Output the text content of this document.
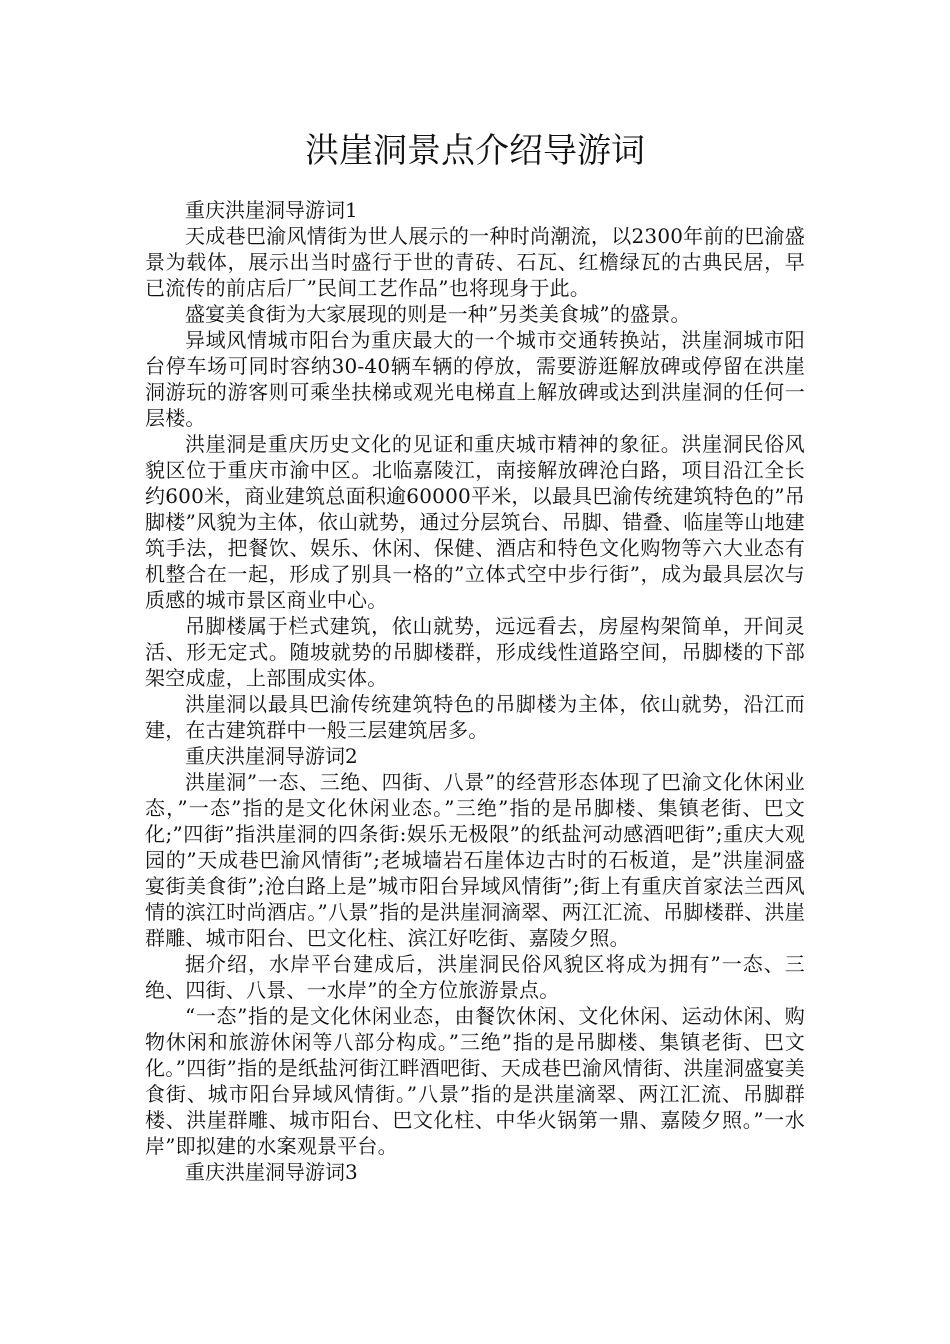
洪崖洞景点介绍导游词

重庆洪崖洞导游词1

天成巷巴渝风情街为世人展示的一种时尚潮流，以2300年前的巴渝盛景为载体，展示出当时盛行于世的青砖、石瓦、红檐绿瓦的古典民居，早已流传的前店后厂”民间工艺作品”也将现身于此。

盛宴美食街为大家展现的则是一种”另类美食城”的盛景。

异域风情城市阳台为重庆最大的一个城市交通转换站，洪崖洞城市阳台停车场可同时容纳30-40辆车辆的停放，需要游逛解放碑或停留在洪崖洞游玩的游客则可乘坐扶梯或观光电梯直上解放碑或达到洪崖洞的任何一层楼。

洪崖洞是重庆历史文化的见证和重庆城市精神的象征。洪崖洞民俗风貌区位于重庆市渝中区。北临嘉陵江，南接解放碑沧白路，项目沿江全长约600米，商业建筑总面积逾60000平米，以最具巴渝传统建筑特色的”吊脚楼”风貌为主体，依山就势，通过分层筑台、吊脚、错叠、临崖等山地建筑手法，把餐饮、娱乐、休闲、保健、酒店和特色文化购物等六大业态有机整合在一起，形成了别具一格的”立体式空中步行街”，成为最具层次与质感的城市景区商业中心。

吊脚楼属于栏式建筑，依山就势，远远看去，房屋构架简单，开间灵活、形无定式。随坡就势的吊脚楼群，形成线性道路空间，吊脚楼的下部架空成虚，上部围成实体。

洪崖洞以最具巴渝传统建筑特色的吊脚楼为主体，依山就势，沿江而建，在古建筑群中一般三层建筑居多。

重庆洪崖洞导游词2

洪崖洞”一态、三绝、四街、八景”的经营形态体现了巴渝文化休闲业态，”一态”指的是文化休闲业态。”三绝”指的是吊脚楼、集镇老街、巴文化;”四街”指洪崖洞的四条街:娱乐无极限”的纸盐河动感酒吧街”;重庆大观园的”天成巷巴渝风情街”;老城墙岩石崖体边古时的石板道，是”洪崖洞盛宴街美食街”;沧白路上是”城市阳台异域风情街”;街上有重庆首家法兰西风情的滨江时尚酒店。”八景”指的是洪崖洞滴翠、两江汇流、吊脚楼群、洪崖群雕、城市阳台、巴文化柱、滨江好吃街、嘉陵夕照。

据介绍，水岸平台建成后，洪崖洞民俗风貌区将成为拥有”一态、三绝、四街、八景、一水岸”的全方位旅游景点。

“一态”指的是文化休闲业态，由餐饮休闲、文化休闲、运动休闲、购物休闲和旅游休闲等八部分构成。”三绝”指的是吊脚楼、集镇老街、巴文化。”四街”指的是纸盐河街江畔酒吧街、天成巷巴渝风情街、洪崖洞盛宴美食街、城市阳台异域风情街。”八景”指的是洪崖滴翠、两江汇流、吊脚群楼、洪崖群雕、城市阳台、巴文化柱、中华火锅第一鼎、嘉陵夕照。”一水岸”即拟建的水案观景平台。

重庆洪崖洞导游词3
